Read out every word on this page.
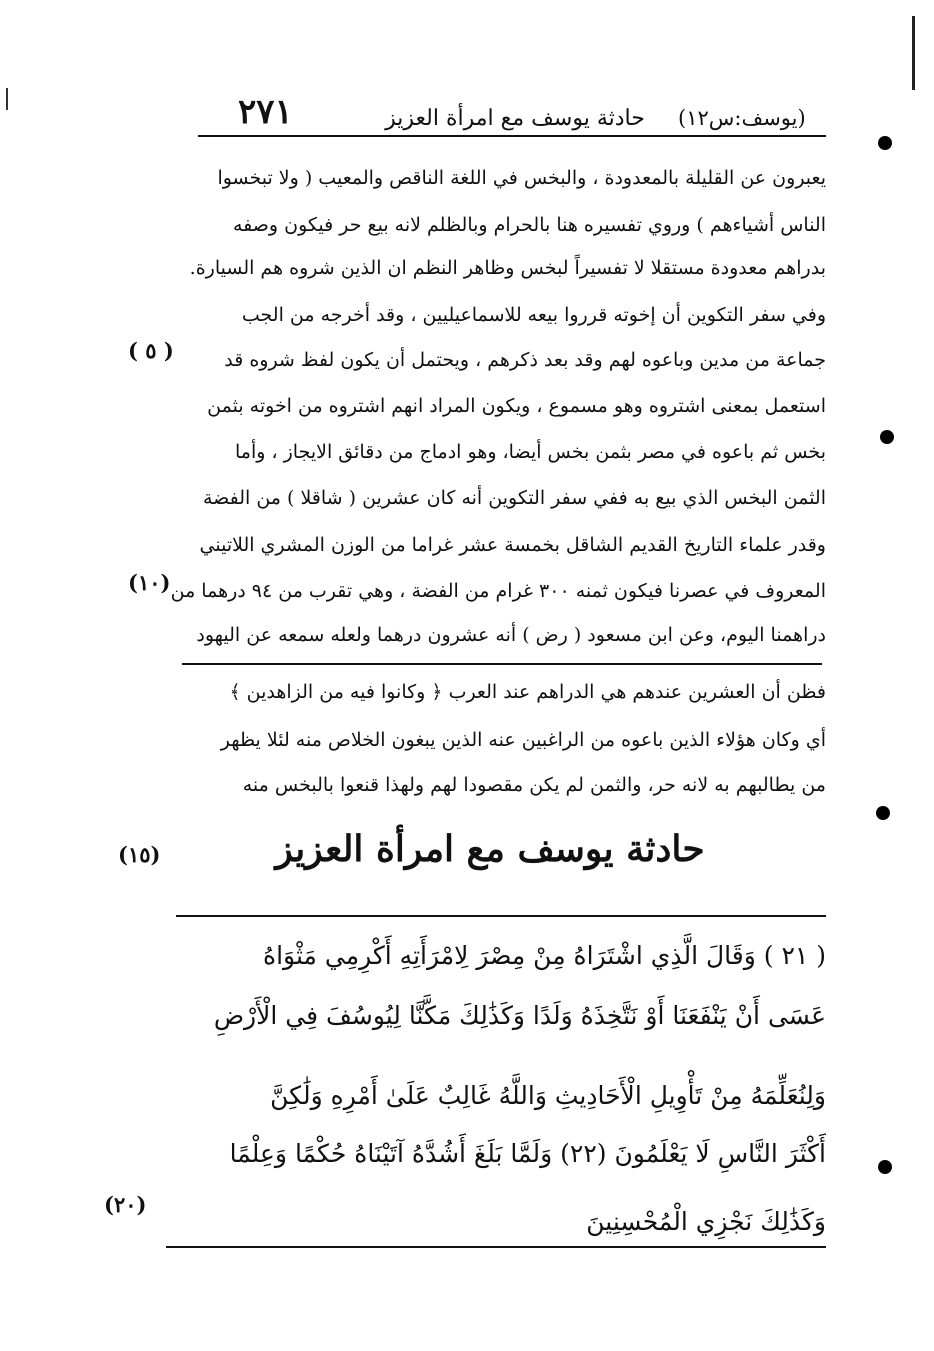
٢٧١	حادثة يوسف مع امرأة العزيز (يوسف:س١٢)
يعبرون عن القليلة بالمعدودة ، والبخس في اللغة الناقص والمعيب ( ولا تبخسوا
الناس أشياءهم ) وروي تفسيره هنا بالحرام وبالظلم لانه بيع حر فيكون وصفه
بدراهم معدودة مستقلا لا تفسيراً لبخس وظاهر النظم ان الذين شروه هم السيارة.
وفي سفر التكوين أن إخوته قرروا بيعه للاسماعيليين ، وقد أخرجه من الجب
جماعة من مدين وباعوه لهم وقد بعد ذكرهم ، ويحتمل أن يكون لفظ شروه قد
استعمل بمعنى اشتروه وهو مسموع ، ويكون المراد انهم اشتروه من اخوته بثمن
بخس ثم باعوه في مصر بثمن بخس أيضا، وهو ادماج من دقائق الايجاز ، وأما
الثمن البخس الذي بيع به ففي سفر التكوين أنه كان عشرين ( شاقلا ) من الفضة
وقدر علماء التاريخ القديم الشاقل بخمسة عشر غراما من الوزن المشري اللاتيني
المعروف في عصرنا فيكون ثمنه ٣٠٠ غرام من الفضة ، وهي تقرب من ٩٤ درهما من
دراهمنا اليوم، وعن ابن مسعود ( رض ) أنه عشرون درهما ولعله سمعه عن اليهود
فظن أن العشرين عندهم هي الدراهم عند العرب ﴿ وكانوا فيه من الزاهدين ﴾
أي وكان هؤلاء الذين باعوه من الراغبين عنه الذين يبغون الخلاص منه لئلا يظهر
من يطالبهم به لانه حر، والثمن لم يكن مقصودا لهم ولهذا قنعوا بالبخس منه
حادثة يوسف مع امرأة العزيز
( ٢١ ) وَقَالَ الَّذِي اشْتَرَاهُ مِنْ مِصْرَ لِامْرَأَتِهِ أَكْرِمِي مَثْوَاهُ
عَسَى أَنْ يَنْفَعَنَا أَوْ نَتَّخِذَهُ وَلَدًا وَكَذَٰلِكَ مَكَّنَّا لِيُوسُفَ فِي الْأَرْضِ
وَلِنُعَلِّمَهُ مِنْ تَأْوِيلِ الْأَحَادِيثِ وَاللَّهُ غَالِبٌ عَلَىٰ أَمْرِهِ وَلَٰكِنَّ
أَكْثَرَ النَّاسِ لَا يَعْلَمُونَ (٢٢) وَلَمَّا بَلَغَ أَشُدَّهُ آتَيْنَاهُ حُكْمًا وَعِلْمًا
وَكَذَٰلِكَ نَجْزِي الْمُحْسِنِينَ
( ٥ )
(١٠)
(١٥)
(٢٠)
